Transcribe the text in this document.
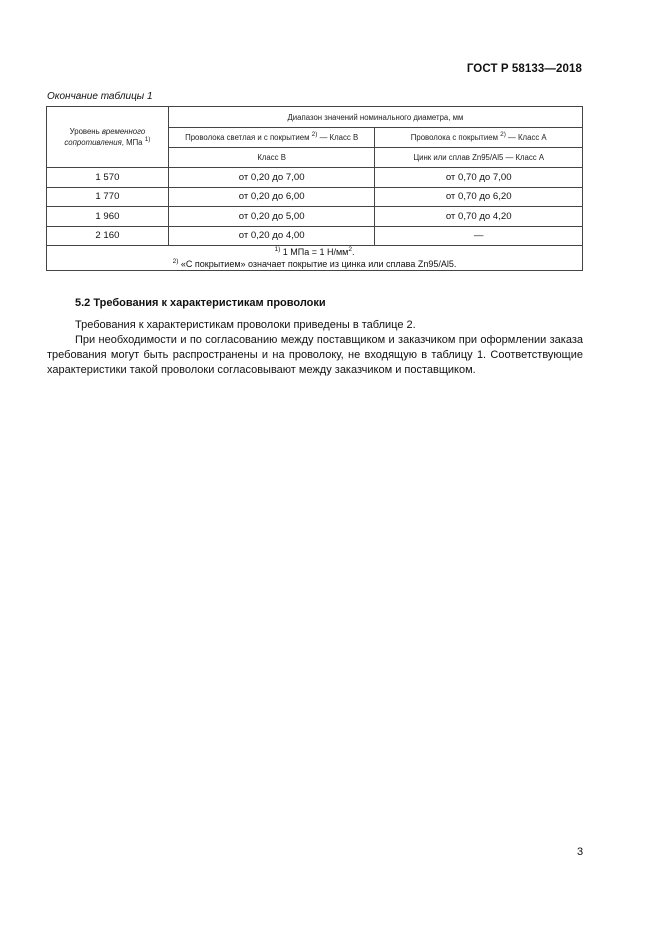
ГОСТ Р 58133—2018
Окончание таблицы 1
Уровень временного сопротивления, МПа $^{1)}$	Диапазон значений номинального диаметра, мм	
	Проволока светлая и с покрытием $^{2)}$ — Класс В	Проволока с покрытием $^{2)}$ — Класс А
	Класс В	Цинк или сплав Zn95/Al5 — Класс А
1 570	от 0,20 до 7,00	от 0,70 до 7,00
1 770	от 0,20 до 6,00	от 0,70 до 6,20
1 960	от 0,20 до 5,00	от 0,70 до 4,20
2 160	от 0,20 до 4,00	—

$^{1)}$ 1 МПа = 1 $Н/мм^2$.
$^{2)}$ «С покрытием» означает покрытие из цинка или сплава Zn95/Al5.		
5.2 Требования к характеристикам проволоки
Требования к характеристикам проволоки приведены в таблице 2.
При необходимости и по согласованию между поставщиком и заказчиком при оформлении заказа требования могут быть распространены и на проволоку, не входящую в таблицу 1. Соответствующие характеристики такой проволоки согласовывают между заказчиком и поставщиком.
3
